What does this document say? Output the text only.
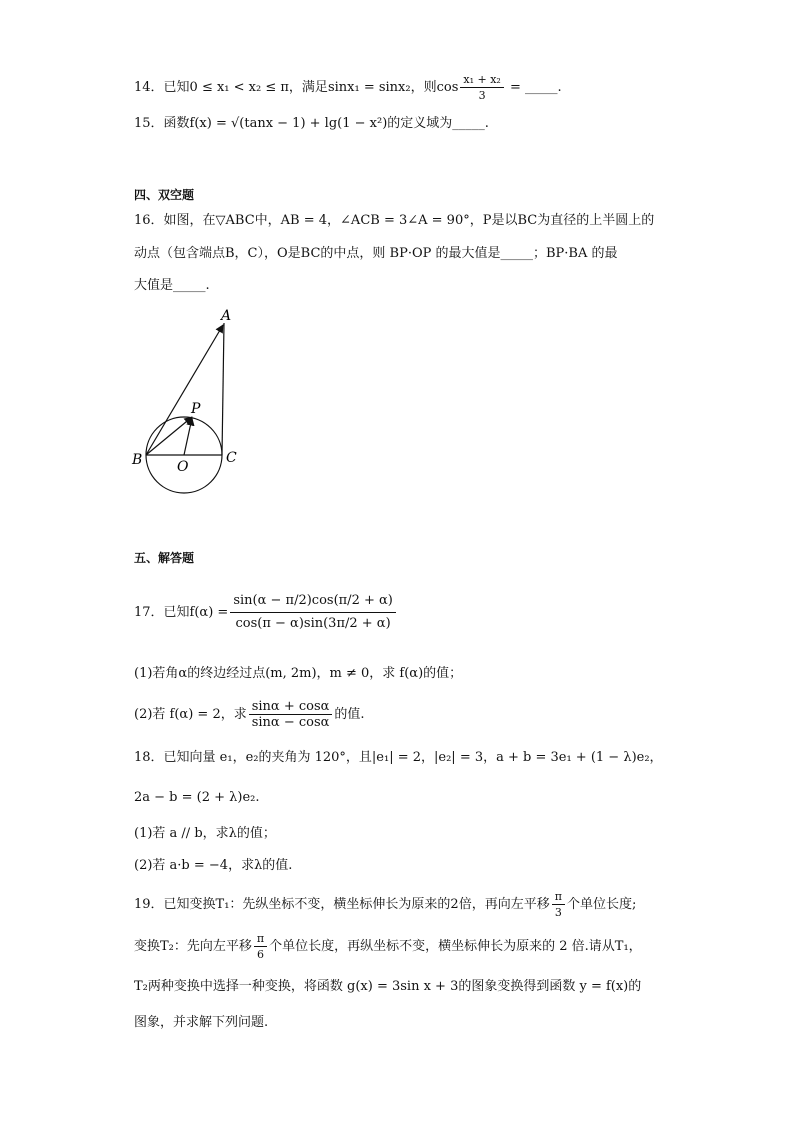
14．已知0 ≤ x₁ < x₂ ≤ π，满足sinx₁ = sinx₂，则$\cos \frac{\text{x₁ + x₂}}{3}$ = _____.
15．函数f(x) = √(tanx − 1) + lg(1 − x²)的定义域为_____.
四、双空题
16．如图，在▽ABC中，AB = 4，∠ACB = 3∠A = 90°，P是以BC为直径的上半圆上的
动点（包含端点B，C），O是BC的中点，则 BP·OP 的最大值是_____；BP·BA 的最
大值是_____.
A
B	C
O
P
五、解答题
17．已知$f(\alpha) = \frac{\sin(\alpha - \pi/2)\cos(\pi/2 + \alpha)}{\cos(\pi - \alpha)\sin(3\pi/2 + \alpha)}$
(1)若角α的终边经过点(m, 2m)，m ≠ 0，求 f(α)的值；
(2)若 f(α) = 2，求 $\frac{\sin\alpha + \cos\alpha}{\sin\alpha - \cos\alpha}$ 的值.
18．已知向量 e₁，e₂的夹角为 120°，且|e₁| = 2，|e₂| = 3，a + b = 3e₁ + (1 − λ)e₂，
2a − b = (2 + λ)e₂.
(1)若 a // b，求λ的值；
(2)若 a·b = −4，求λ的值.
19．已知变换T₁：先纵坐标不变，横坐标伸长为原来的2倍，再向左平移 $\frac{\pi}{3}$ 个单位长度;
变换T₂：先向左平移 $\frac{\pi}{6}$ 个单位长度，再纵坐标不变，横坐标伸长为原来的 2 倍.请从T₁，
T₂两种变换中选择一种变换，将函数 g(x) = 3sin x + 3的图象变换得到函数 y = f(x)的
图象，并求解下列问题.
